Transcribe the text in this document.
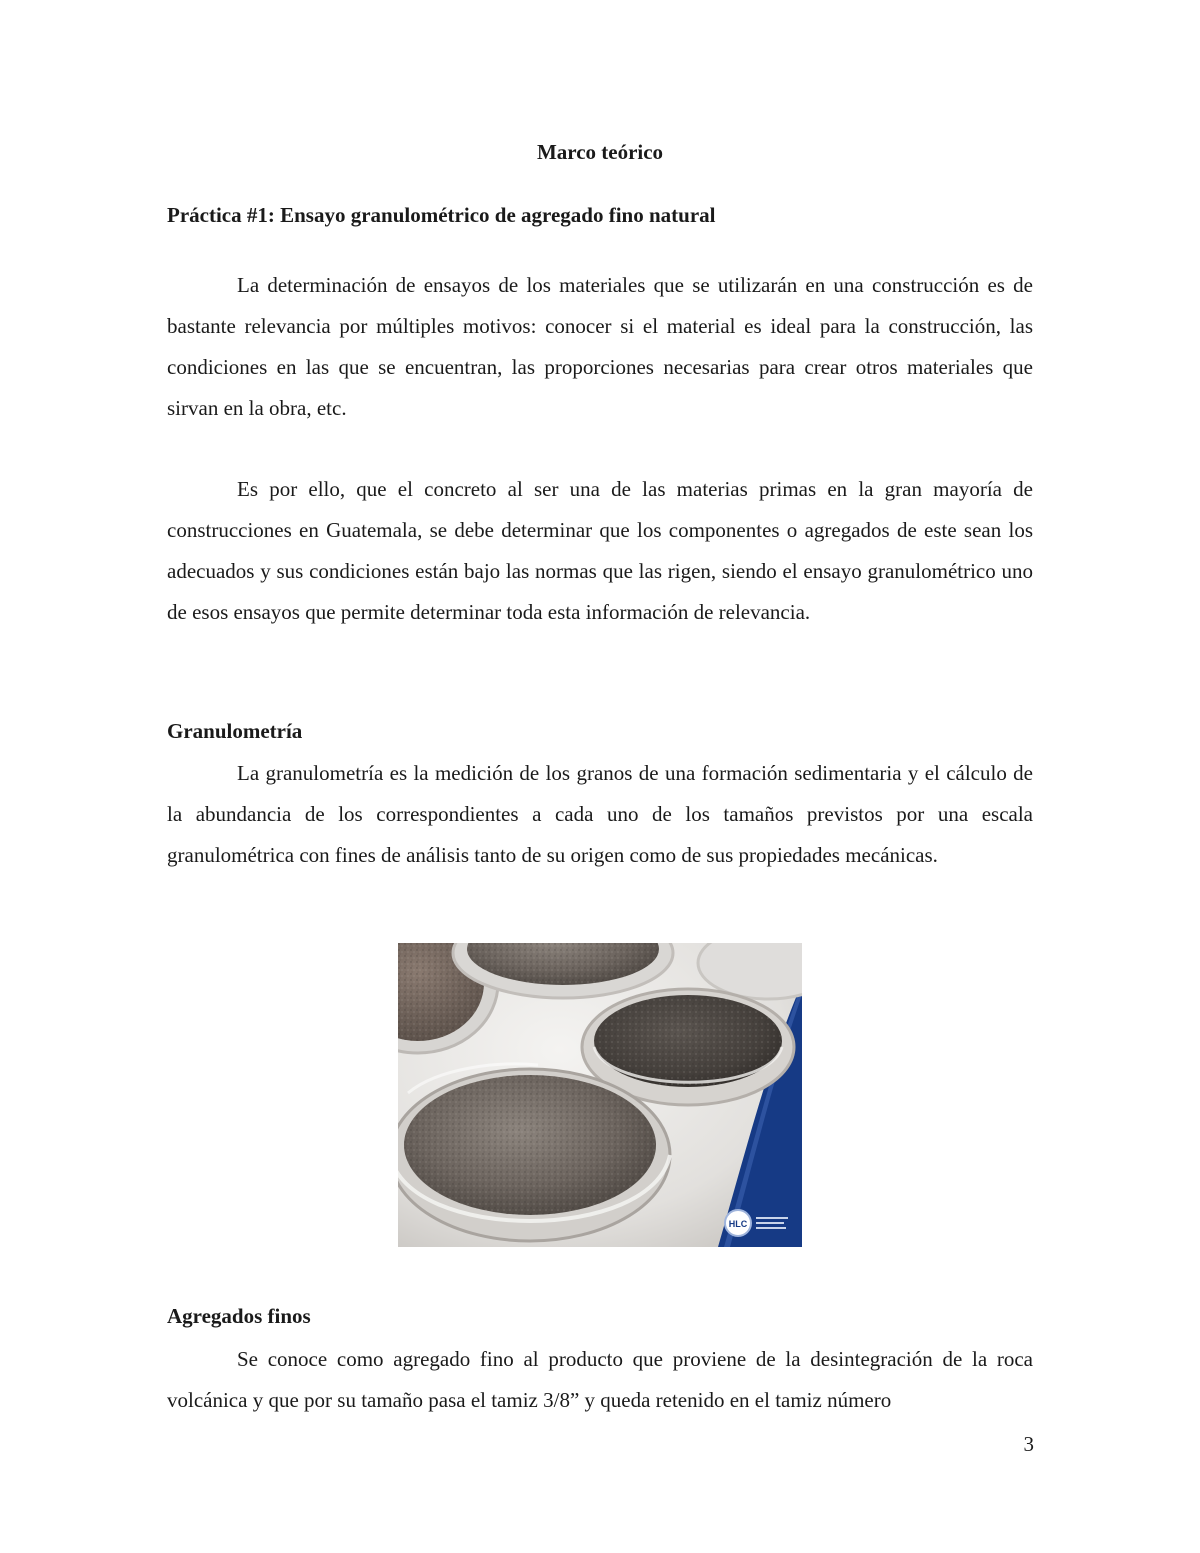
Marco teórico
Práctica #1: Ensayo granulométrico de agregado fino natural

La determinación de ensayos de los materiales que se utilizarán en una construcción es de bastante relevancia por múltiples motivos: conocer si el material es ideal para la construcción, las condiciones en las que se encuentran, las proporciones necesarias para crear otros materiales que sirvan en la obra, etc.

Es por ello, que el concreto al ser una de las materias primas en la gran mayoría de construcciones en Guatemala, se debe determinar que los componentes o agregados de este sean los adecuados y sus condiciones están bajo las normas que las rigen, siendo el ensayo granulométrico uno de esos ensayos que permite determinar toda esta información de relevancia.

Granulometría

La granulometría es la medición de los granos de una formación sedimentaria y el cálculo de la abundancia de los correspondientes a cada uno de los tamaños previstos por una escala granulométrica con fines de análisis tanto de su origen como de sus propiedades mecánicas.

HLC
Agregados finos

Se conoce como agregado fino al producto que proviene de la desintegración de la roca volcánica y que por su tamaño pasa el tamiz 3/8” y queda retenido en el tamiz número

3
